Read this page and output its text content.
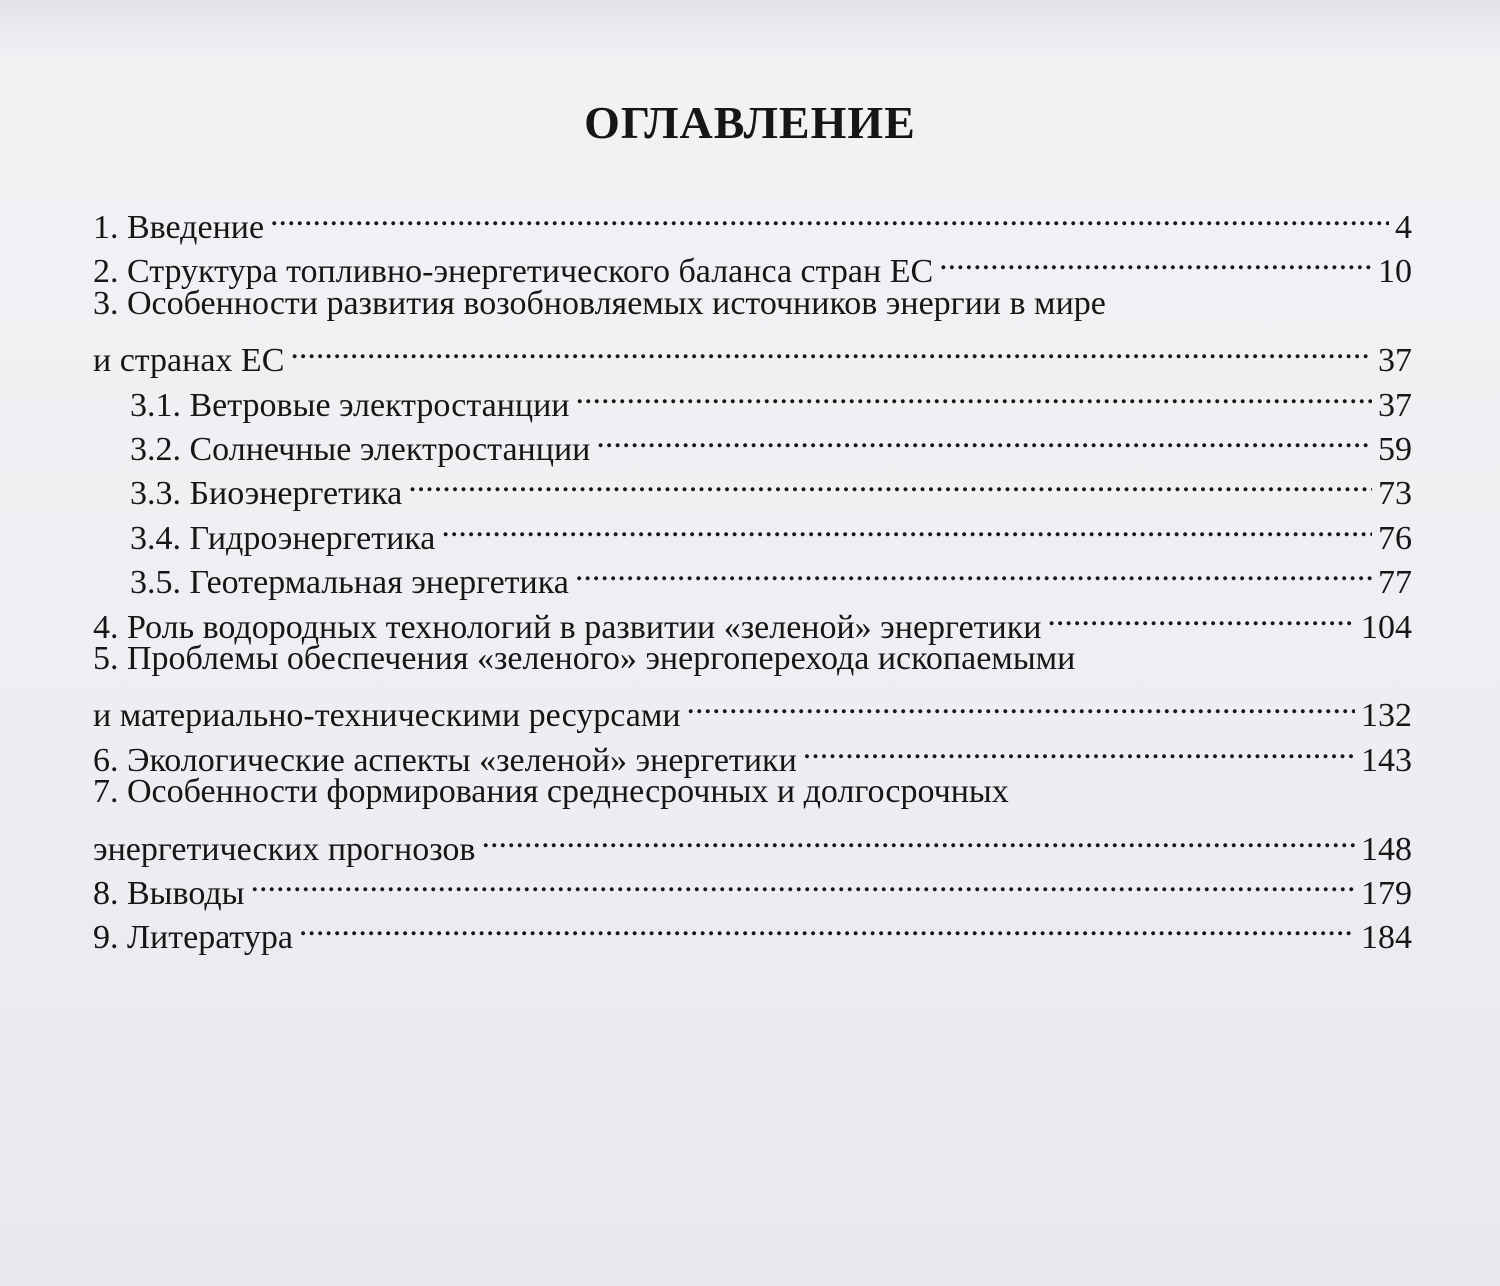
ОГЛАВЛЕНИЕ
1. Введение .....	4
2. Структура топливно-энергетического баланса стран ЕС .....	10
3. Особенности развития возобновляемых источников энергии в мире
и странах ЕС .....	37
3.1. Ветровые электростанции .....	37
3.2. Солнечные электростанции .....	59
3.3. Биоэнергетика .....	73
3.4. Гидроэнергетика .....	76
3.5. Геотермальная энергетика .....	77
4. Роль водородных технологий в развитии «зеленой» энергетики .....	104
5. Проблемы обеспечения «зеленого» энергоперехода ископаемыми
и материально-техническими ресурсами .....	132
6. Экологические аспекты «зеленой» энергетики .....	143
7. Особенности формирования среднесрочных и долгосрочных
энергетических прогнозов .....	148
8. Выводы .....	179
9. Литература .....	184
